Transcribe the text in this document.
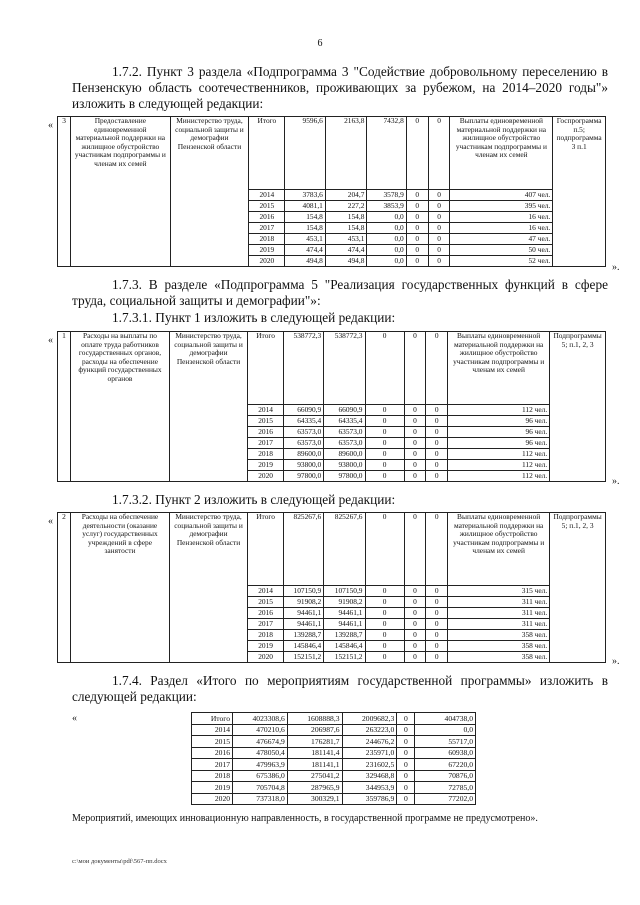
6
1.7.2. Пункт 3 раздела «Подпрограмма 3 "Содействие добровольному переселению в Пензенскую область соотечественников, проживающих за рубежом, на 2014–2020 годы"» изложить в следующей редакции:
«
».
3	Предоставление единовременной материальной поддержки на жилищное обустройство участникам подпрограммы и членам их семей	Министерство труда, социальной защиты и демографии Пензенской области	Итого	9596,6	2163,8	7432,8	0	0	Выплаты единовременной материальной поддержки на жилищное обустройство участникам подпрограммы и членам их семей	Госпрограмма п.5; подпрограмма 3 п.1
			2014	3783,6	204,7	3578,9	0	0	407 чел.	
			2015	4081,1	227,2	3853,9	0	0	395 чел.	
			2016	154,8	154,8	0,0	0	0	16 чел.	
			2017	154,8	154,8	0,0	0	0	16 чел.	
			2018	453,1	453,1	0,0	0	0	47 чел.	
			2019	474,4	474,4	0,0	0	0	50 чел.	
			2020	494,8	494,8	0,0	0	0	52 чел.	
1.7.3. В разделе «Подпрограмма 5 "Реализация государственных функций в сфере труда, социальной защиты и демографии"»:
1.7.3.1. Пункт 1 изложить в следующей редакции:
«
».
1	Расходы на выплаты по оплате труда работников государственных органов, расходы на обеспечение функций государственных органов	Министерство труда, социальной защиты и демографии Пензенской области	Итого	538772,3	538772,3	0	0	0	Выплаты единовременной материальной поддержки на жилищное обустройство участникам подпрограммы и членам их семей	Подпрограммы 5; п.1, 2, 3
			2014	66090,9	66090,9	0	0	0	112 чел.	
			2015	64335,4	64335,4	0	0	0	96 чел.	
			2016	63573,0	63573,0	0	0	0	96 чел.	
			2017	63573,0	63573,0	0	0	0	96 чел.	
			2018	89600,0	89600,0	0	0	0	112 чел.	
			2019	93800,0	93800,0	0	0	0	112 чел.	
			2020	97800,0	97800,0	0	0	0	112 чел.	
1.7.3.2. Пункт 2 изложить в следующей редакции:
«
».
2	Расходы на обеспечение деятельности (оказание услуг) государственных учреждений в сфере занятости	Министерство труда, социальной защиты и демографии Пензенской области	Итого	825267,6	825267,6	0	0	0	Выплаты единовременной материальной поддержки на жилищное обустройство участникам подпрограммы и членам их семей	Подпрограммы 5; п.1, 2, 3
			2014	107150,9	107150,9	0	0	0	315 чел.	
			2015	91908,2	91908,2	0	0	0	311 чел.	
			2016	94461,1	94461,1	0	0	0	311 чел.	
			2017	94461,1	94461,1	0	0	0	311 чел.	
			2018	139288,7	139288,7	0	0	0	358 чел.	
			2019	145846,4	145846,4	0	0	0	358 чел.	
			2020	152151,2	152151,2	0	0	0	358 чел.	
1.7.4. Раздел «Итого по мероприятиям государственной программы» изложить в следующей редакции:
«	Итого	4023308,6	1608888,3	2009682,3	0	404738,0
2014	470210,6	206987,6	263223,0	0	0,0
2015	476674,9	176281,7	244676,2	0	55717,0
2016	478050,4	181141,4	235971,0	0	60938,0
2017	479963,9	181141,1	231602,5	0	67220,0
2018	675386,0	275041,2	329468,8	0	70876,0
2019	705704,8	287965,9	344953,9	0	72785,0
2020	737318,0	300329,1	359786,9	0	77202,0
Мероприятий, имеющих инновационную направленность, в государственной программе не предусмотрено».
c:\мои документы\pdf\567-пп.docx
